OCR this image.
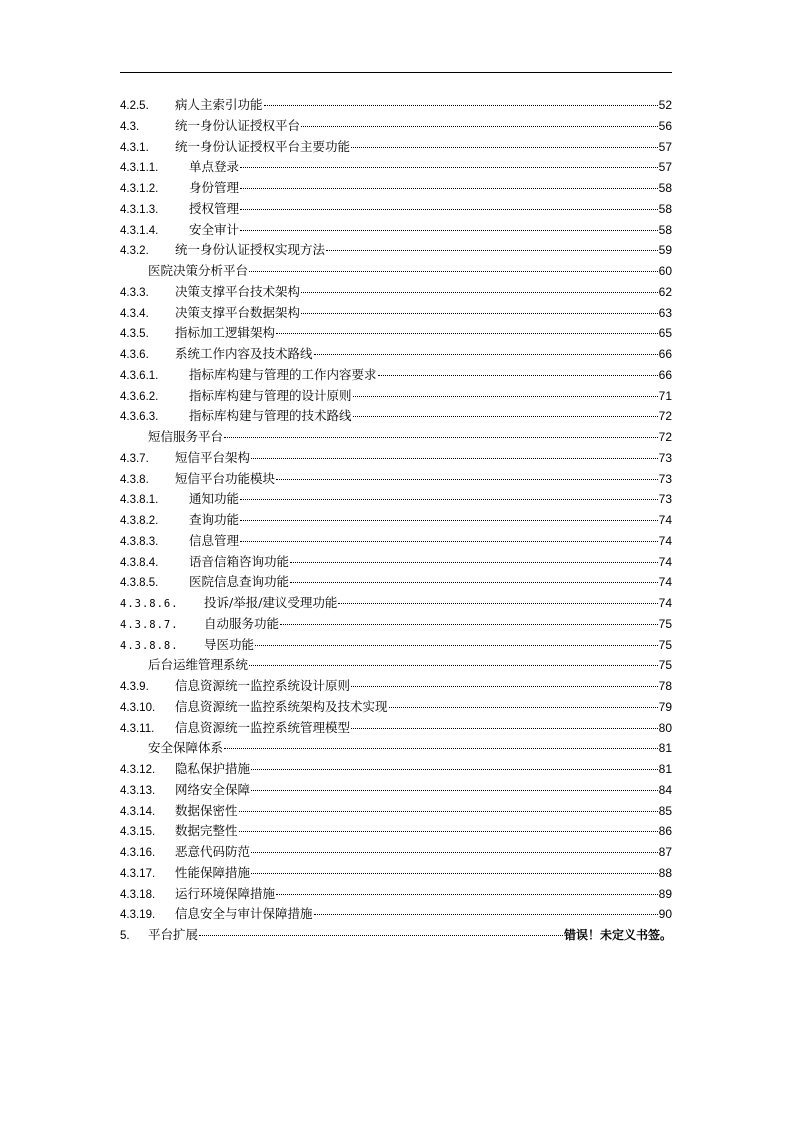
4.2.5.	病人主索引功能	52
4.3.	统一身份认证授权平台	56
4.3.1.	统一身份认证授权平台主要功能	57
4.3.1.1.	单点登录	57
4.3.1.2.	身份管理	58
4.3.1.3.	授权管理	58
4.3.1.4.	安全审计	58
4.3.2.	统一身份认证授权实现方法	59
医院决策分析平台	60
4.3.3.	决策支撑平台技术架构	62
4.3.4.	决策支撑平台数据架构	63
4.3.5.	指标加工逻辑架构	65
4.3.6.	系统工作内容及技术路线	66
4.3.6.1.	指标库构建与管理的工作内容要求	66
4.3.6.2.	指标库构建与管理的设计原则	71
4.3.6.3.	指标库构建与管理的技术路线	72
短信服务平台	72
4.3.7.	短信平台架构	73
4.3.8.	短信平台功能模块	73
4.3.8.1.	通知功能	73
4.3.8.2.	查询功能	74
4.3.8.3.	信息管理	74
4.3.8.4.	语音信箱咨询功能	74
4.3.8.5.	医院信息查询功能	74
4.3.8.6.	投诉/举报/建议受理功能	74
4.3.8.7.	自动服务功能	75
4.3.8.8.	导医功能	75
后台运维管理系统	75
4.3.9.	信息资源统一监控系统设计原则	78
4.3.10.	信息资源统一监控系统架构及技术实现	79
4.3.11.	信息资源统一监控系统管理模型	80
安全保障体系	81
4.3.12.	隐私保护措施	81
4.3.13.	网络安全保障	84
4.3.14.	数据保密性	85
4.3.15.	数据完整性	86
4.3.16.	恶意代码防范	87
4.3.17.	性能保障措施	88
4.3.18.	运行环境保障措施	89
4.3.19.	信息安全与审计保障措施	90
5.	平台扩展	错误！未定义书签。
